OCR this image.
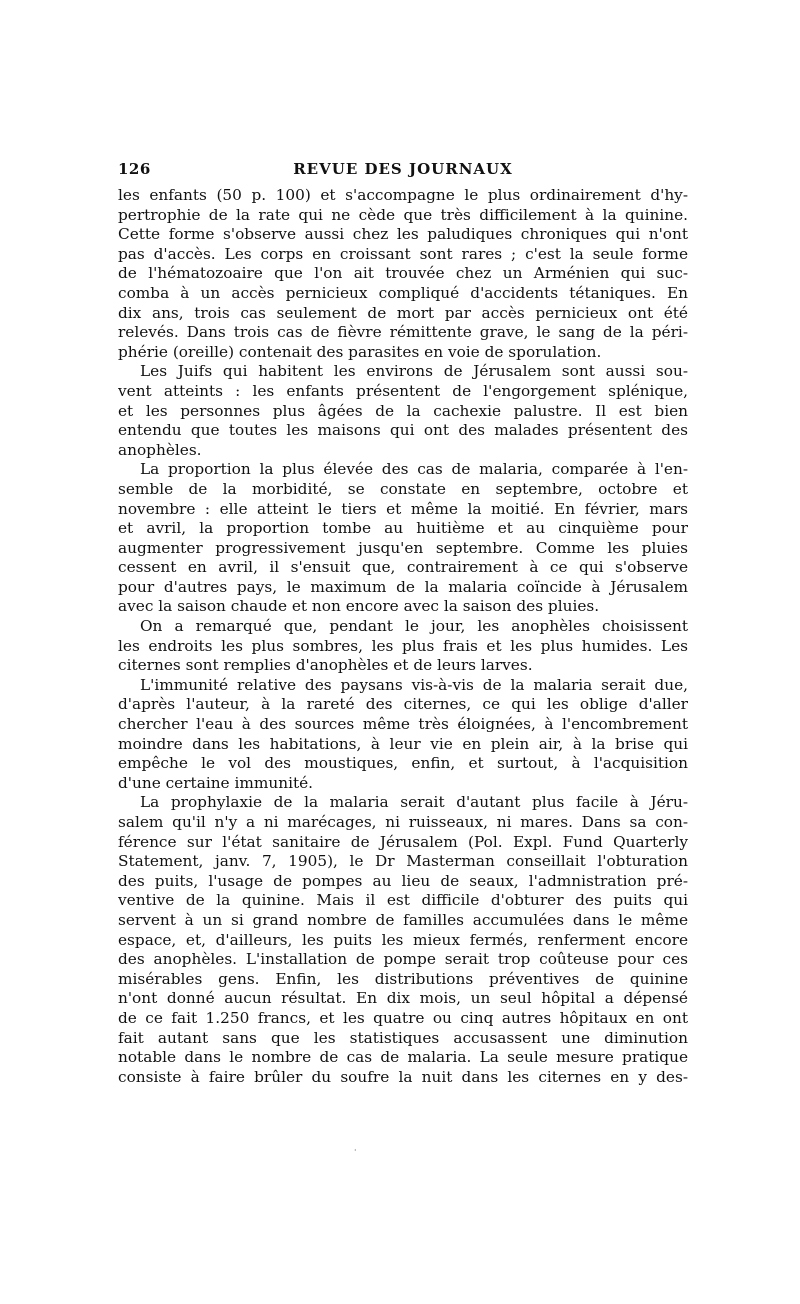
126	REVUE DES JOURNAUX
les enfants (50 p. 100) et s'accompagne le plus ordinairement d'hy-
pertrophie de la rate qui ne cède que très difficilement à la quinine.
Cette forme s'observe aussi chez les paludiques chroniques qui n'ont
pas d'accès. Les corps en croissant sont rares ; c'est la seule forme
de l'hématozoaire que l'on ait trouvée chez un Arménien qui suc-
comba à un accès pernicieux compliqué d'accidents tétaniques. En
dix ans, trois cas seulement de mort par accès pernicieux ont été
relevés. Dans trois cas de fièvre rémittente grave, le sang de la péri-
phérie (oreille) contenait des parasites en voie de sporulation.
Les Juifs qui habitent les environs de Jérusalem sont aussi sou-
vent atteints : les enfants présentent de l'engorgement splénique,
et les personnes plus âgées de la cachexie palustre. Il est bien
entendu que toutes les maisons qui ont des malades présentent des
anophèles.
La proportion la plus élevée des cas de malaria, comparée à l'en-
semble de la morbidité, se constate en septembre, octobre et
novembre : elle atteint le tiers et même la moitié. En février, mars
et avril, la proportion tombe au huitième et au cinquième pour
augmenter progressivement jusqu'en septembre. Comme les pluies
cessent en avril, il s'ensuit que, contrairement à ce qui s'observe
pour d'autres pays, le maximum de la malaria coïncide à Jérusalem
avec la saison chaude et non encore avec la saison des pluies.
On a remarqué que, pendant le jour, les anophèles choisissent
les endroits les plus sombres, les plus frais et les plus humides. Les
citernes sont remplies d'anophèles et de leurs larves.
L'immunité relative des paysans vis-à-vis de la malaria serait due,
d'après l'auteur, à la rareté des citernes, ce qui les oblige d'aller
chercher l'eau à des sources même très éloignées, à l'encombrement
moindre dans les habitations, à leur vie en plein air, à la brise qui
empêche le vol des moustiques, enfin, et surtout, à l'acquisition
d'une certaine immunité.
La prophylaxie de la malaria serait d'autant plus facile à Jéru-
salem qu'il n'y a ni marécages, ni ruisseaux, ni mares. Dans sa con-
férence sur l'état sanitaire de Jérusalem (Pol. Expl. Fund Quarterly
Statement, janv. 7, 1905), le Dr Masterman conseillait l'obturation
des puits, l'usage de pompes au lieu de seaux, l'admnistration pré-
ventive de la quinine. Mais il est difficile d'obturer des puits qui
servent à un si grand nombre de familles accumulées dans le même
espace, et, d'ailleurs, les puits les mieux fermés, renferment encore
des anophèles. L'installation de pompe serait trop coûteuse pour ces
misérables gens. Enfin, les distributions préventives de quinine
n'ont donné aucun résultat. En dix mois, un seul hôpital a dépensé
de ce fait 1.250 francs, et les quatre ou cinq autres hôpitaux en ont
fait autant sans que les statistiques accusassent une diminution
notable dans le nombre de cas de malaria. La seule mesure pratique
consiste à faire brûler du soufre la nuit dans les citernes en y des-
·
